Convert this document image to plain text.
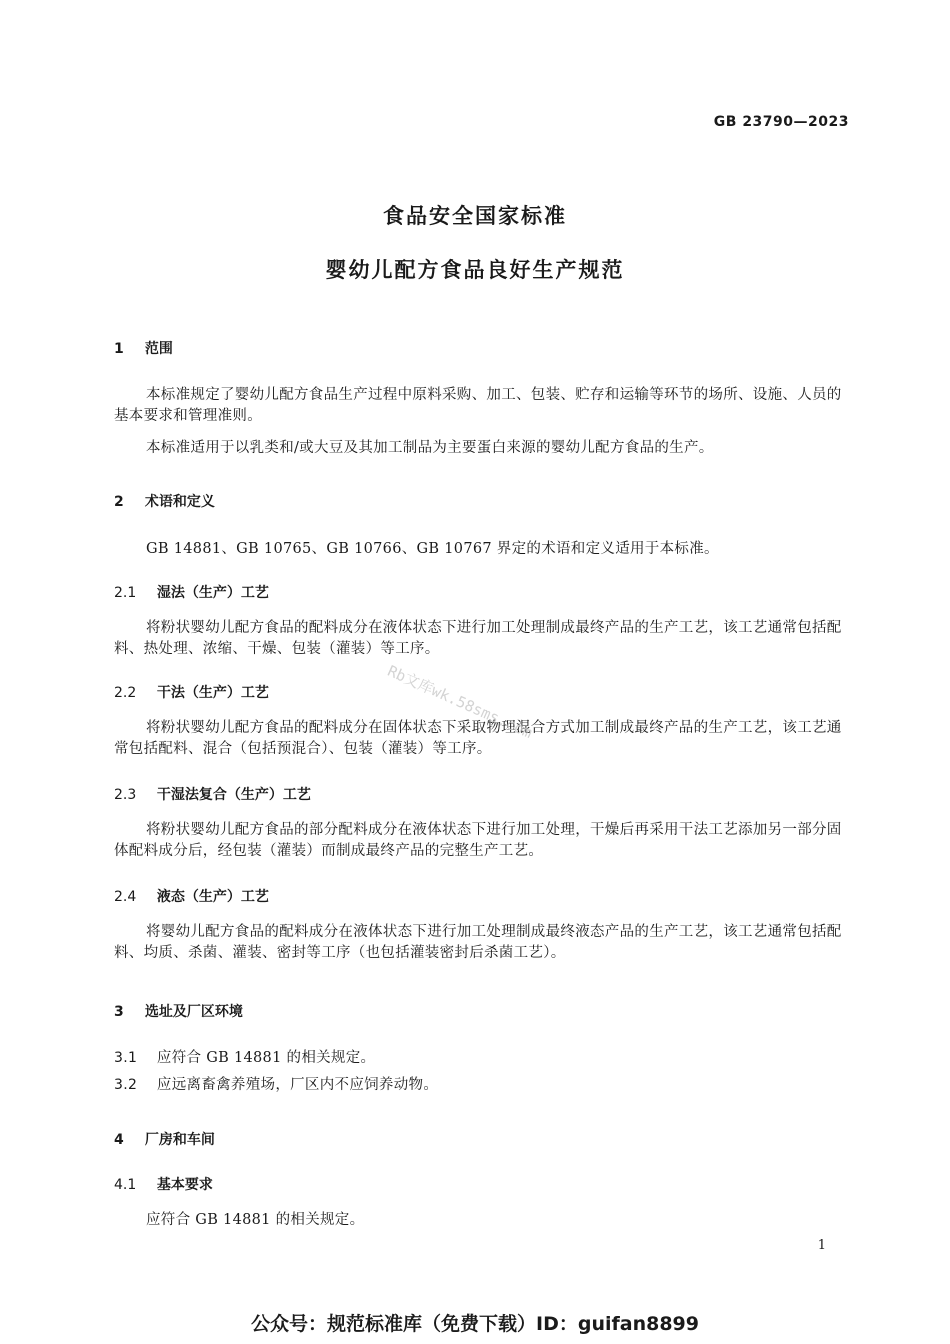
GB 23790—2023
食品安全国家标准
婴幼儿配方食品良好生产规范
1 范围
本标准规定了婴幼儿配方食品生产过程中原料采购、加工、包装、贮存和运输等环节的场所、设施、人员的基本要求和管理准则。
本标准适用于以乳类和/或大豆及其加工制品为主要蛋白来源的婴幼儿配方食品的生产。
2 术语和定义
GB 14881、GB 10765、GB 10766、GB 10767 界定的术语和定义适用于本标准。
2.1 湿法（生产）工艺
将粉状婴幼儿配方食品的配料成分在液体状态下进行加工处理制成最终产品的生产工艺，该工艺通常包括配料、热处理、浓缩、干燥、包装（灌装）等工序。
2.2 干法（生产）工艺
将粉状婴幼儿配方食品的配料成分在固体状态下采取物理混合方式加工制成最终产品的生产工艺，该工艺通常包括配料、混合（包括预混合）、包装（灌装）等工序。
2.3 干湿法复合（生产）工艺
将粉状婴幼儿配方食品的部分配料成分在液体状态下进行加工处理，干燥后再采用干法工艺添加另一部分固体配料成分后，经包装（灌装）而制成最终产品的完整生产工艺。
2.4 液态（生产）工艺
将婴幼儿配方食品的配料成分在液体状态下进行加工处理制成最终液态产品的生产工艺，该工艺通常包括配料、均质、杀菌、灌装、密封等工序（也包括灌装密封后杀菌工艺）。
3 选址及厂区环境
3.1 应符合 GB 14881 的相关规定。
3.2 应远离畜禽养殖场，厂区内不应饲养动物。
4 厂房和车间
4.1 基本要求
应符合 GB 14881 的相关规定。
Rb文库wk.58sms.com
1
公众号：规范标准库（免费下载）ID：guifan8899
